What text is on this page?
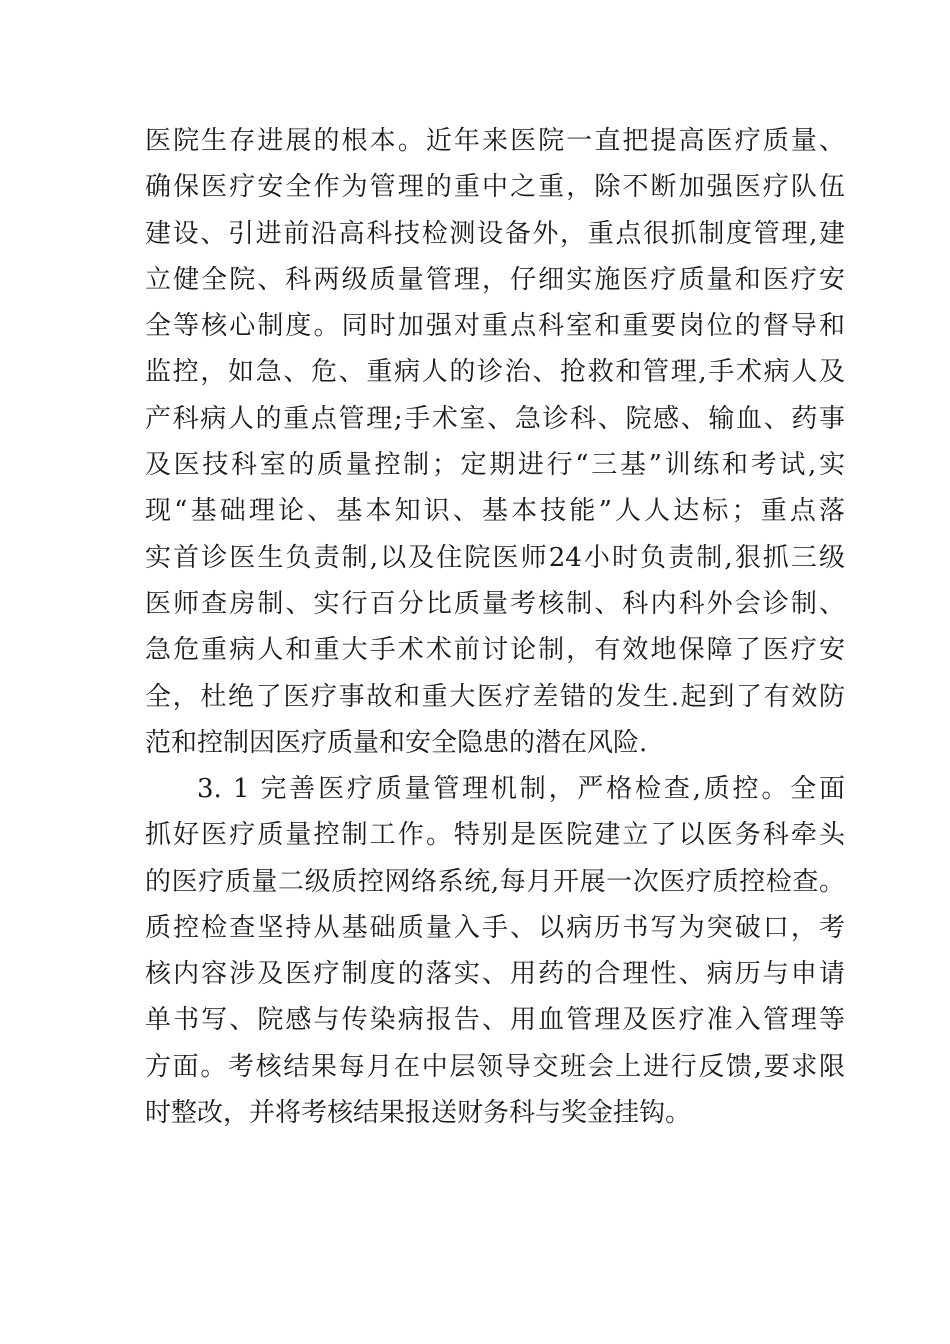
医院生存进展的根本。近年来医院一直把提高医疗质量、
确保医疗安全作为管理的重中之重，除不断加强医疗队伍
建设、引进前沿高科技检测设备外，重点很抓制度管理,建
立健全院、科两级质量管理，仔细实施医疗质量和医疗安
全等核心制度。同时加强对重点科室和重要岗位的督导和
监控，如急、危、重病人的诊治、抢救和管理,手术病人及
产科病人的重点管理;手术室、急诊科、院感、输血、药事
及医技科室的质量控制；定期进行“三基”训练和考试,实
现“基础理论、基本知识、基本技能”人人达标；重点落
实首诊医生负责制,以及住院医师24小时负责制,狠抓三级
医师查房制、实行百分比质量考核制、科内科外会诊制、
急危重病人和重大手术术前讨论制，有效地保障了医疗安
全，杜绝了医疗事故和重大医疗差错的发生.起到了有效防
范和控制因医疗质量和安全隐患的潜在风险.
3. 1 完善医疗质量管理机制，严格检查,质控。全面
抓好医疗质量控制工作。特别是医院建立了以医务科牵头
的医疗质量二级质控网络系统,每月开展一次医疗质控检查。
质控检查坚持从基础质量入手、以病历书写为突破口，考
核内容涉及医疗制度的落实、用药的合理性、病历与申请
单书写、院感与传染病报告、用血管理及医疗准入管理等
方面。考核结果每月在中层领导交班会上进行反馈,要求限
时整改，并将考核结果报送财务科与奖金挂钩。
